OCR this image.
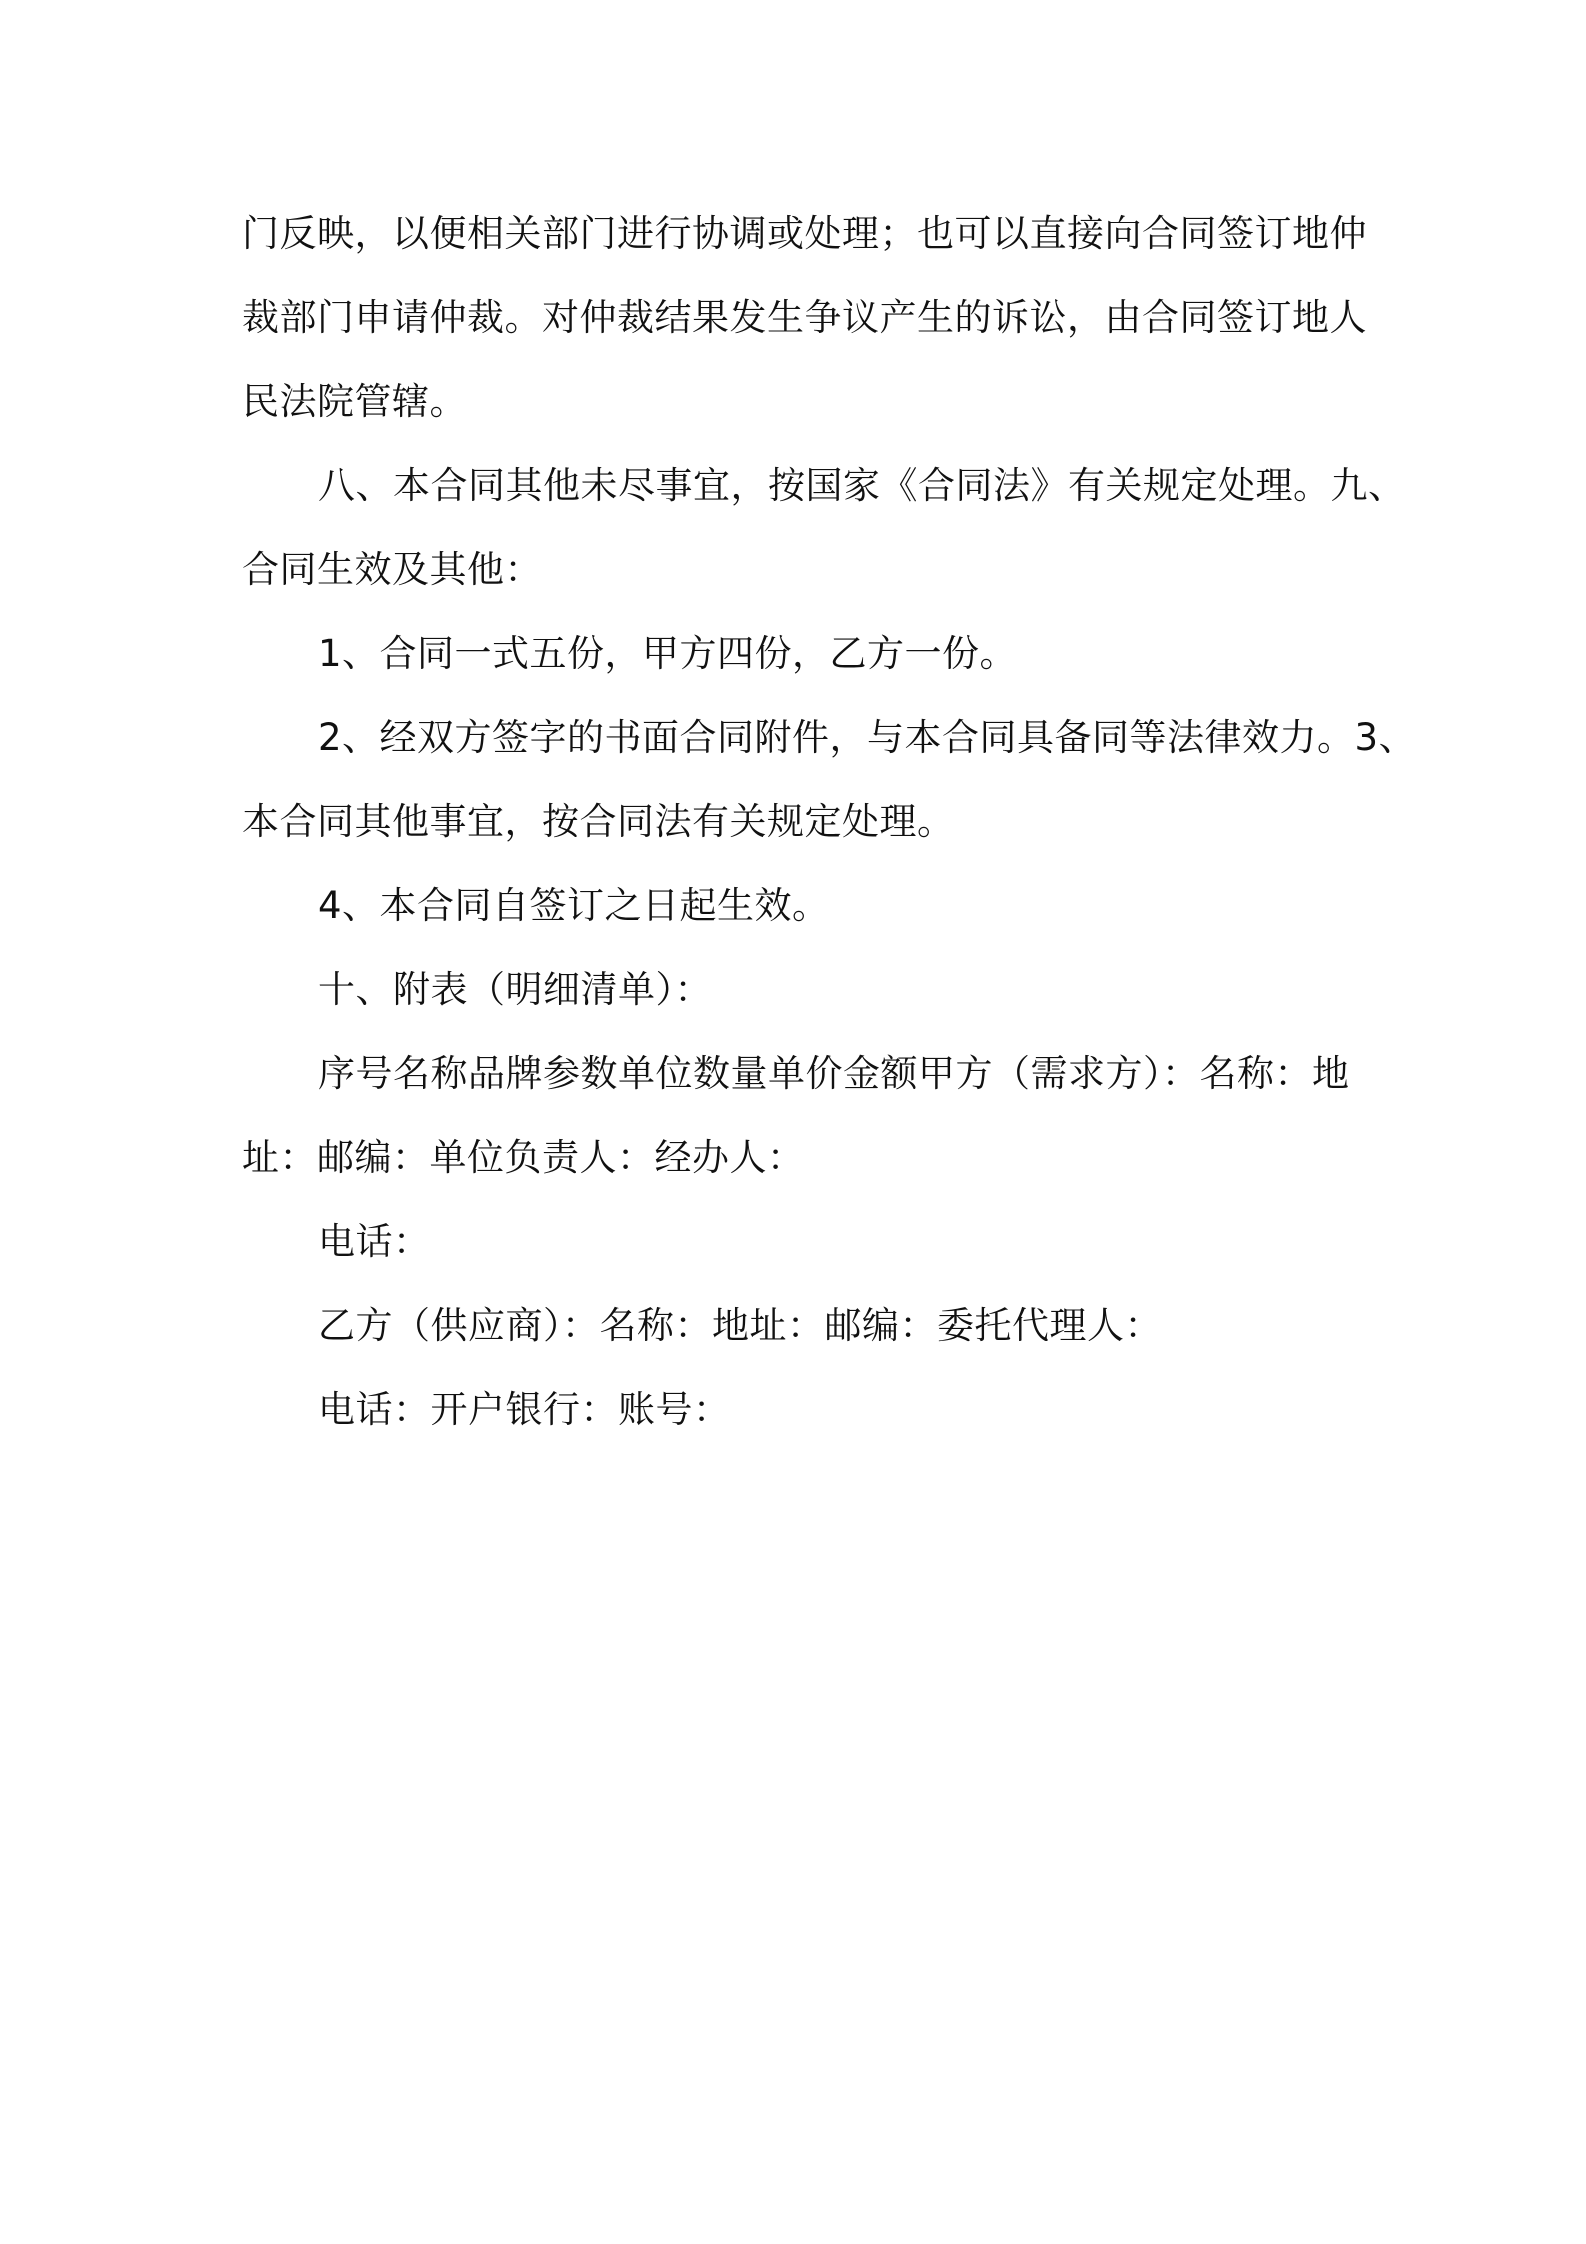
门反映，以便相关部门进行协调或处理；也可以直接向合同签订地仲

裁部门申请仲裁。对仲裁结果发生争议产生的诉讼，由合同签订地人

民法院管辖。

八、本合同其他未尽事宜，按国家《合同法》有关规定处理。九、

合同生效及其他：

1、合同一式五份，甲方四份，乙方一份。

2、经双方签字的书面合同附件，与本合同具备同等法律效力。3、

本合同其他事宜，按合同法有关规定处理。

4、本合同自签订之日起生效。

十、附表（明细清单）：

序号名称品牌参数单位数量单价金额甲方（需求方）：名称：地

址：邮编：单位负责人：经办人：

电话：

乙方（供应商）：名称：地址：邮编：委托代理人：

电话：开户银行：账号：
